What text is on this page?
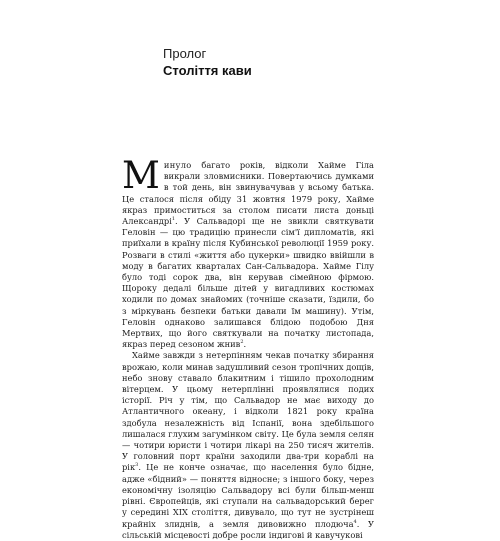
Пролог
Століття кави

Минуло багато років, відколи Хайме Гіла викрали зловмисники. Повертаючись думками в той день, він звинувачував у всьому батька. Це сталося після обіду 31 жовтня 1979 року, Хайме якраз примоститься за столом писати листа доньці Александрі$^1$. У Сальвадорі ще не звикли святкувати Геловін — цю традицію принесли сім'ї дипломатів, які приїхали в країну після Кубинської революції 1959 року. Розваги в стилі «життя або цукерки» швидко ввійшли в моду в багатих кварталах Сан-Сальвадора. Хайме Гілу було тоді сорок два, він керував сімейною фірмою. Щороку дедалі більше дітей у вигадливих костюмах ходили по домах знайомих (точніше сказати, їздили, бо з міркувань безпеки батьки давали їм машину). Утім, Геловін однаково залишався блідою подобою Дня Мертвих, що його святкували на початку листопада, якраз перед сезоном жнив$^2$.

Хайме завжди з нетерпінням чекав початку збирання врожаю, коли минав задушливий сезон тропічних дощів, небо знову ставало блакитним і тішило прохолодним вітерцем. У цьому нетерплінні проявлялися подих історії. Річ у тім, що Сальвадор не має виходу до Атлантичного океану, і відколи 1821 року країна здобула незалежність від Іспанії, вона здебільшого лишалася глухим загумінком світу. Це була земля селян — чотири юристи і чотири лікарі на 250 тисяч жителів. У головний порт країни заходили два-три кораблі на рік$^3$. Це не конче означає, що населення було бідне, адже «бідний» — поняття відносне; з іншого боку, через економічну ізоляцію Сальвадору всі були більш-менш рівні. Європейців, які ступали на сальвадорський берег у середині XIX століття, дивувало, що тут не зустрінеш крайніх злиднів, а земля дивовижно плодюча$^4$. У сільській місцевості добре росли індигові й кавучукові
